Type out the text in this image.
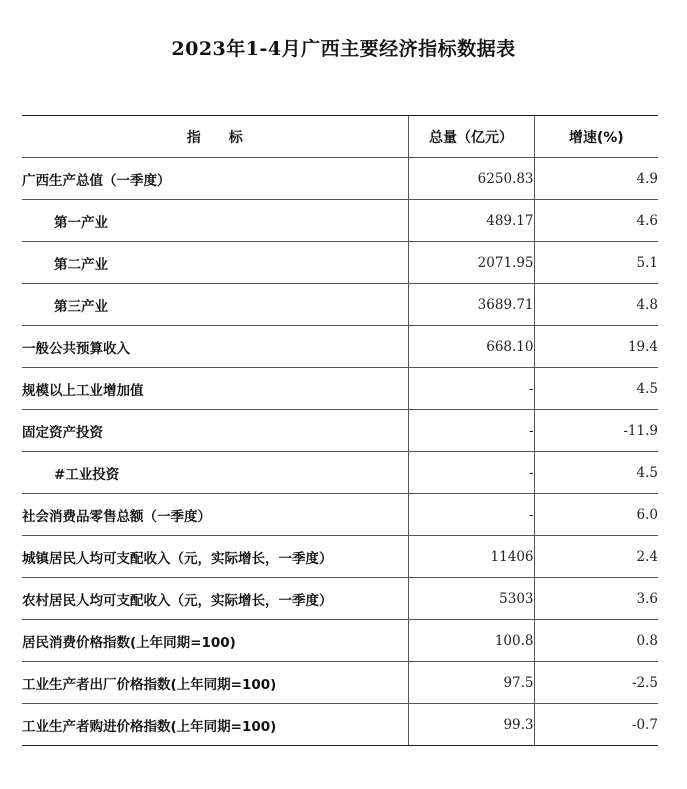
2023年1-4月广西主要经济指标数据表
指 标	总量（亿元）	增速(%)
广西生产总值（一季度）	6250.83	4.9
第一产业	489.17	4.6
第二产业	2071.95	5.1
第三产业	3689.71	4.8
一般公共预算收入	668.10	19.4
规模以上工业增加值	-	4.5
固定资产投资	-	-11.9
#工业投资	-	4.5
社会消费品零售总额（一季度）	-	6.0
城镇居民人均可支配收入（元，实际增长，一季度）	11406	2.4
农村居民人均可支配收入（元，实际增长，一季度）	5303	3.6
居民消费价格指数(上年同期=100)	100.8	0.8
工业生产者出厂价格指数(上年同期=100)	97.5	-2.5
工业生产者购进价格指数(上年同期=100)	99.3	-0.7
